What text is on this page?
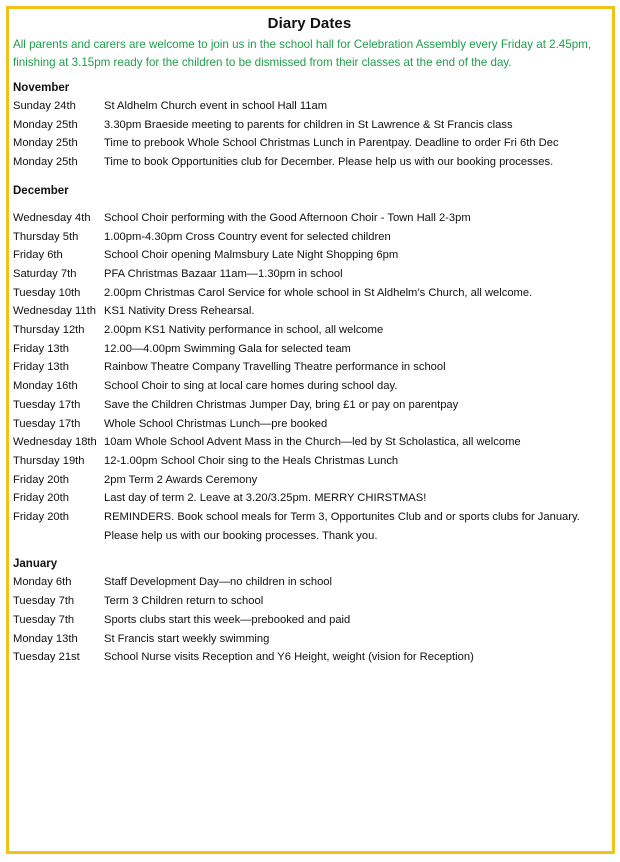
Diary Dates

All parents and carers are welcome to join us in the school hall for Celebration Assembly every Friday at 2.45pm, finishing at 3.15pm ready for the children to be dismissed from their classes at the end of the day.

November
Sunday 24th	St Aldhelm Church event in school Hall 11am
Monday 25th	3.30pm Braeside meeting to parents for children in St Lawrence & St Francis class
Monday 25th	Time to prebook Whole School Christmas Lunch in Parentpay. Deadline to order Fri 6th Dec
Monday 25th	Time to book Opportunities club for December. Please help us with our booking processes.
December
Wednesday 4th	School Choir performing with the Good Afternoon Choir - Town Hall 2-3pm
Thursday 5th	1.00pm-4.30pm Cross Country event for selected children
Friday 6th	School Choir opening Malmsbury Late Night Shopping 6pm
Saturday 7th	PFA Christmas Bazaar 11am—1.30pm in school
Tuesday 10th	2.00pm Christmas Carol Service for whole school in St Aldhelm’s Church, all welcome.
Wednesday 11th KS1 Nativity Dress Rehearsal.
Thursday 12th	2.00pm KS1 Nativity performance in school, all welcome
Friday 13th	12.00—4.00pm Swimming Gala for selected team
Friday 13th	Rainbow Theatre Company Travelling Theatre performance in school
Monday 16th	School Choir to sing at local care homes during school day.
Tuesday 17th	Save the Children Christmas Jumper Day, bring £1 or pay on parentpay
Tuesday 17th	Whole School Christmas Lunch—pre booked
Wednesday 18th 10am Whole School Advent Mass in the Church—led by St Scholastica, all welcome
Thursday 19th	12-1.00pm School Choir sing to the Heals Christmas Lunch
Friday 20th	2pm Term 2 Awards Ceremony
Friday 20th	Last day of term 2. Leave at 3.20/3.25pm. MERRY CHIRSTMAS!
Friday 20th	REMINDERS. Book school meals for Term 3, Opportunites Club and or sports clubs for January. Please help us with our booking processes. Thank you.
January
Monday 6th	Staff Development Day—no children in school
Tuesday 7th	Term 3 Children return to school
Tuesday 7th	Sports clubs start this week—prebooked and paid
Monday 13th	St Francis start weekly swimming
Tuesday 21st	School Nurse visits Reception and Y6 Height, weight (vision for Reception)
